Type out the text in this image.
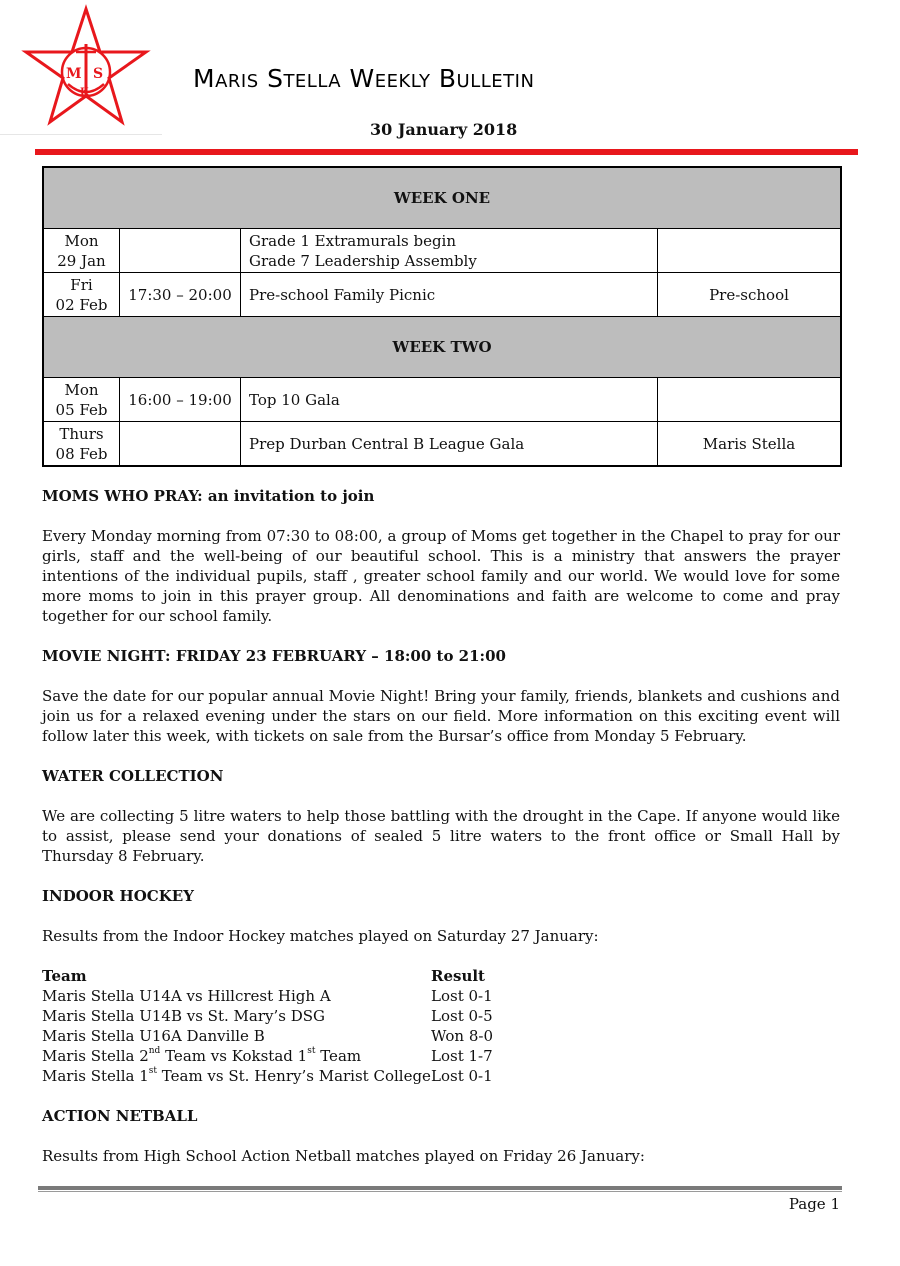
M S
K	Maris Stella Weekly Bulletin
30 January 2018
WEEK ONE			
Mon
29 Jan		Grade 1 Extramurals begin
Grade 7 Leadership Assembly	
Fri
02 Feb	17:30 – 20:00	Pre-school Family Picnic	Pre-school
WEEK TWO			
Mon
05 Feb	16:00 – 19:00	Top 10 Gala	
Thurs
08 Feb		Prep Durban Central B League Gala	Maris Stella
MOMS WHO PRAY: an invitation to join

Every Monday morning from 07:30 to 08:00, a group of Moms get together in the Chapel to pray for our girls, staff and the well-being of our beautiful school. This is a ministry that answers the prayer intentions of the individual pupils, staff , greater school family and our world. We would love for some more moms to join in this prayer group. All denominations and faith are welcome to come and pray together for our school family.

MOVIE NIGHT: FRIDAY 23 FEBRUARY – 18:00 to 21:00

Save the date for our popular annual Movie Night! Bring your family, friends, blankets and cushions and join us for a relaxed evening under the stars on our field. More information on this exciting event will follow later this week, with tickets on sale from the Bursar’s office from Monday 5 February.

WATER COLLECTION

We are collecting 5 litre waters to help those battling with the drought in the Cape. If anyone would like to assist, please send your donations of sealed 5 litre waters to the front office or Small Hall by Thursday 8 February.

INDOOR HOCKEY

Results from the Indoor Hockey matches played on Saturday 27 January:

Team	Result
Maris Stella U14A vs Hillcrest High A	Lost 0-1
Maris Stella U14B vs St. Mary’s DSG	Lost 0-5
Maris Stella U16A Danville B	Won 8-0
Maris Stella 2nd Team vs Kokstad 1st Team	Lost 1-7
Maris Stella 1st Team vs St. Henry’s Marist College	Lost 0-1
ACTION NETBALL

Results from High School Action Netball matches played on Friday 26 January:

Page 1
